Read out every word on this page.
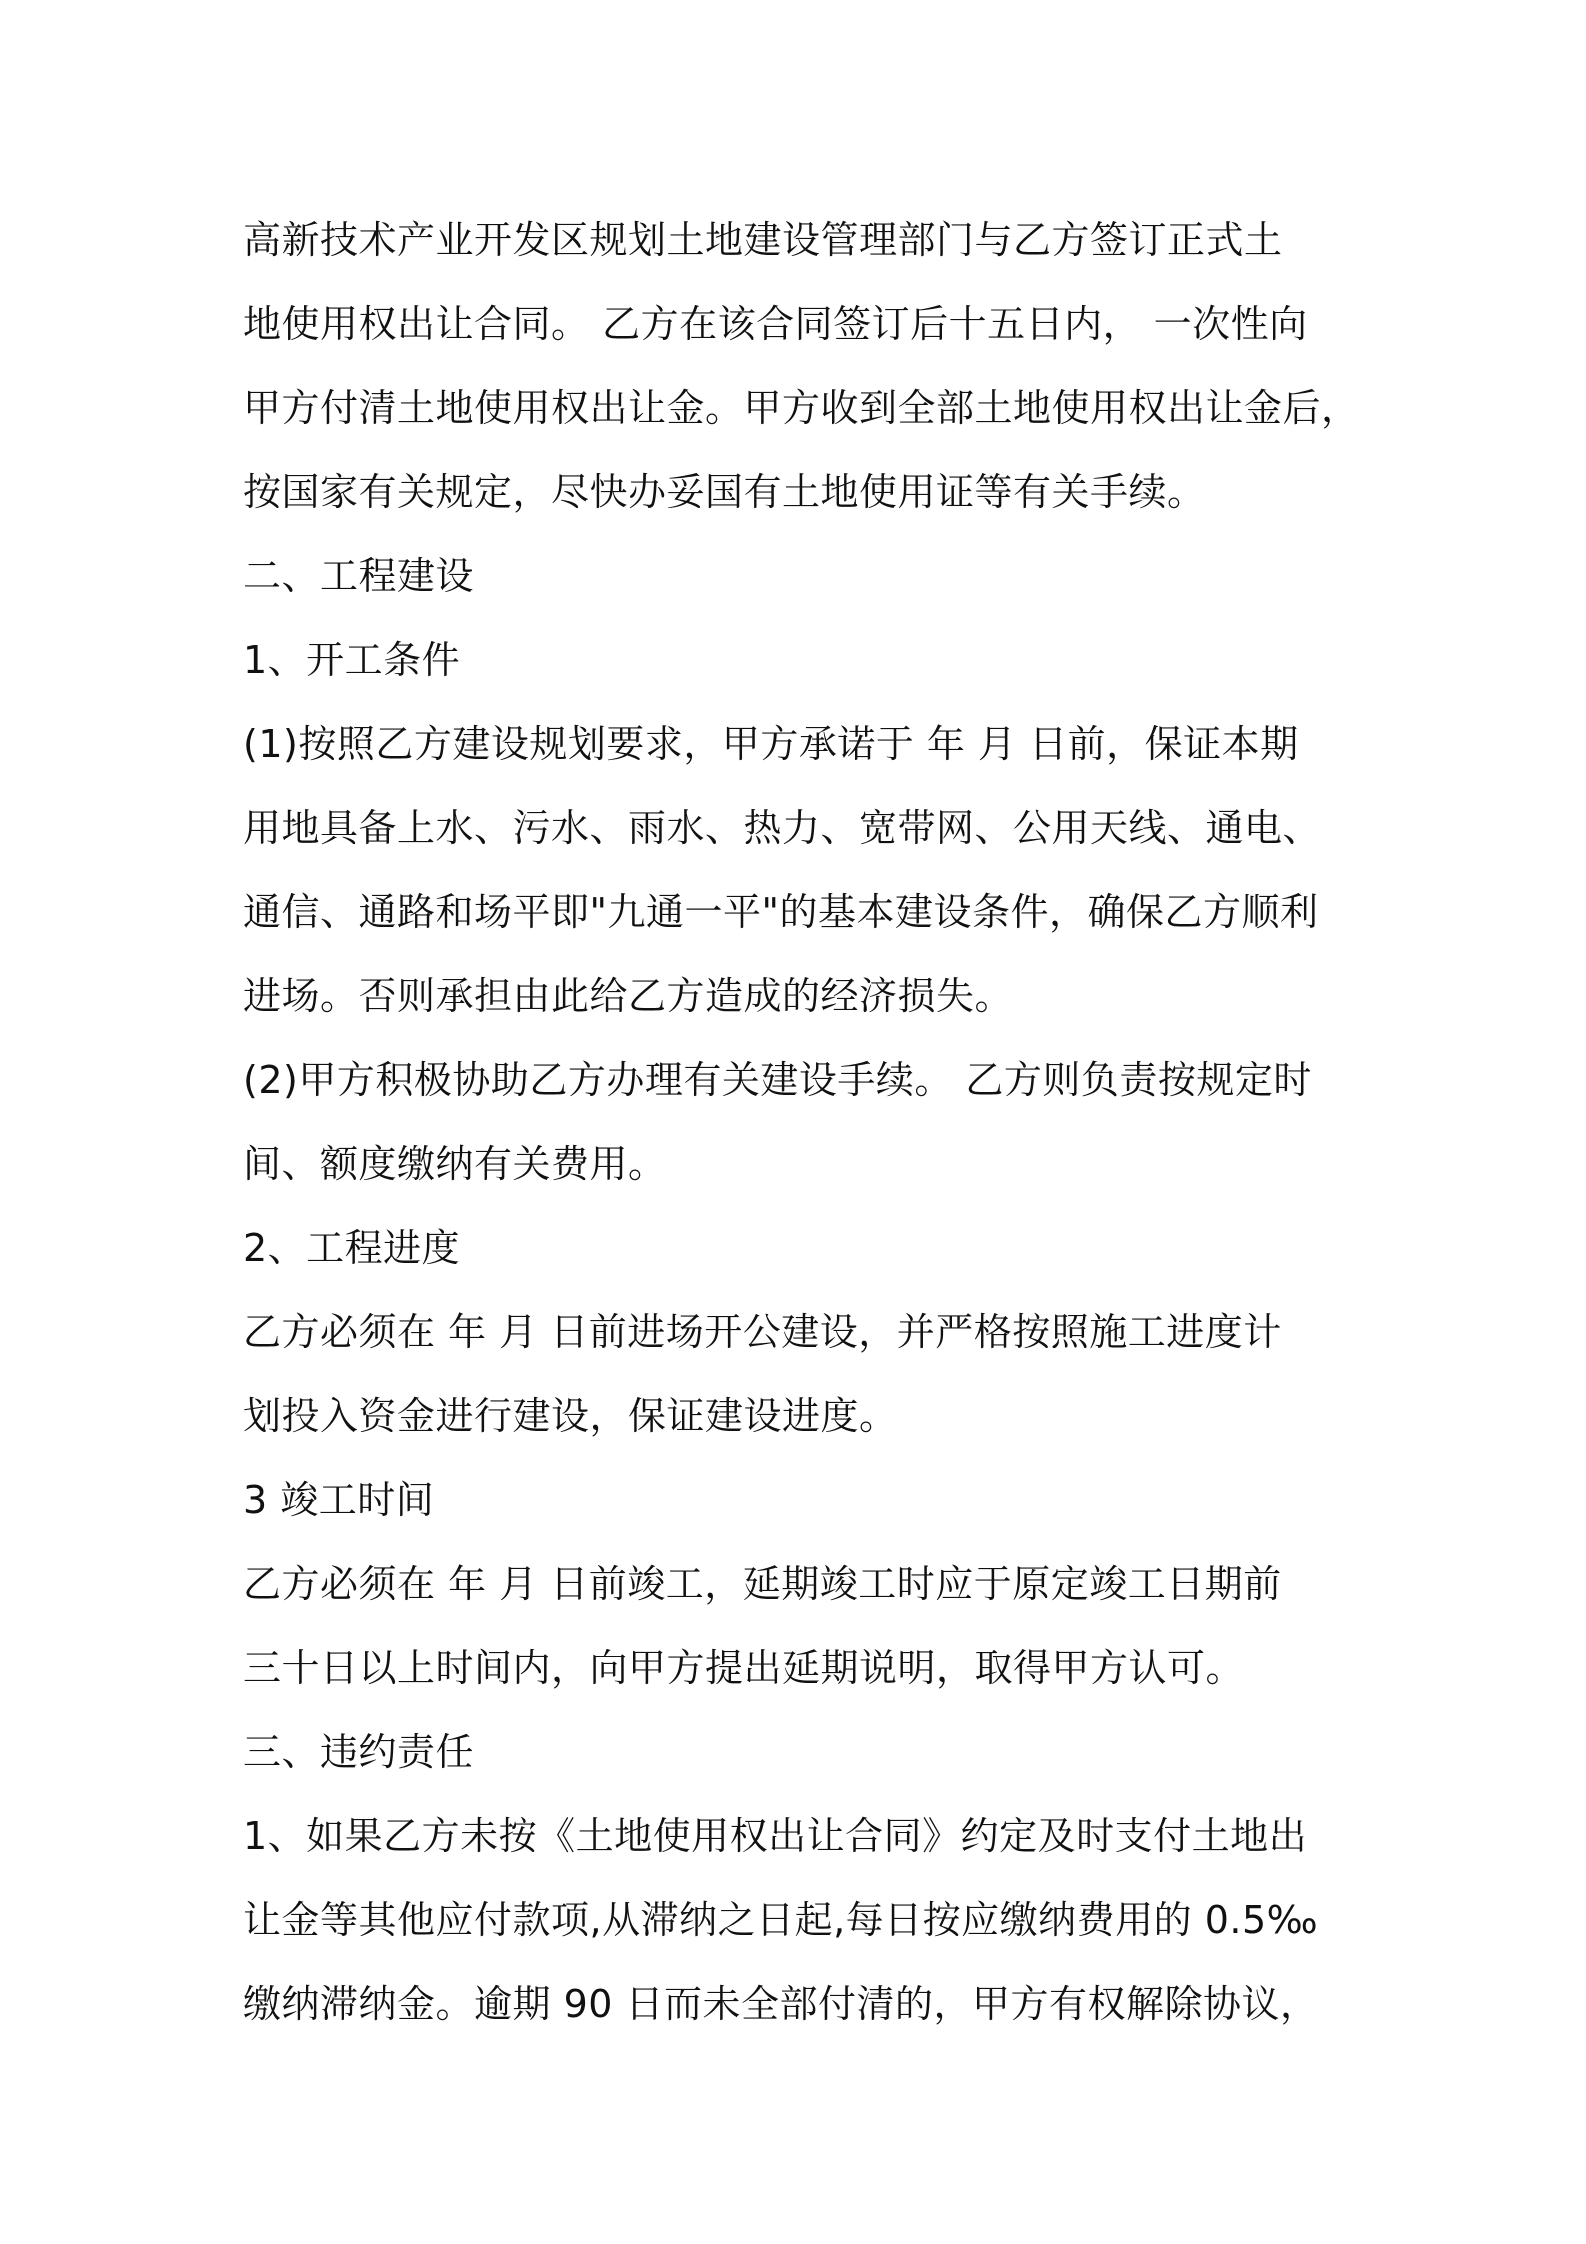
高新技术产业开发区规划土地建设管理部门与乙方签订正式土
地使用权出让合同。 乙方在该合同签订后十五日内， 一次性向
甲方付清土地使用权出让金。甲方收到全部土地使用权出让金后，
按国家有关规定，尽快办妥国有土地使用证等有关手续。
二、工程建设
1、开工条件
(1)按照乙方建设规划要求，甲方承诺于 年 月 日前，保证本期
用地具备上水、污水、雨水、热力、宽带网、公用天线、通电、
通信、通路和场平即"九通一平"的基本建设条件，确保乙方顺利
进场。否则承担由此给乙方造成的经济损失。
(2)甲方积极协助乙方办理有关建设手续。 乙方则负责按规定时
间、额度缴纳有关费用。
2、工程进度
乙方必须在 年 月 日前进场开公建设，并严格按照施工进度计
划投入资金进行建设，保证建设进度。
3 竣工时间
乙方必须在 年 月 日前竣工，延期竣工时应于原定竣工日期前
三十日以上时间内，向甲方提出延期说明，取得甲方认可。
三、违约责任
1、如果乙方未按《土地使用权出让合同》约定及时支付土地出
让金等其他应付款项,从滞纳之日起,每日按应缴纳费用的 0.5‰
缴纳滞纳金。逾期 90 日而未全部付清的，甲方有权解除协议，
